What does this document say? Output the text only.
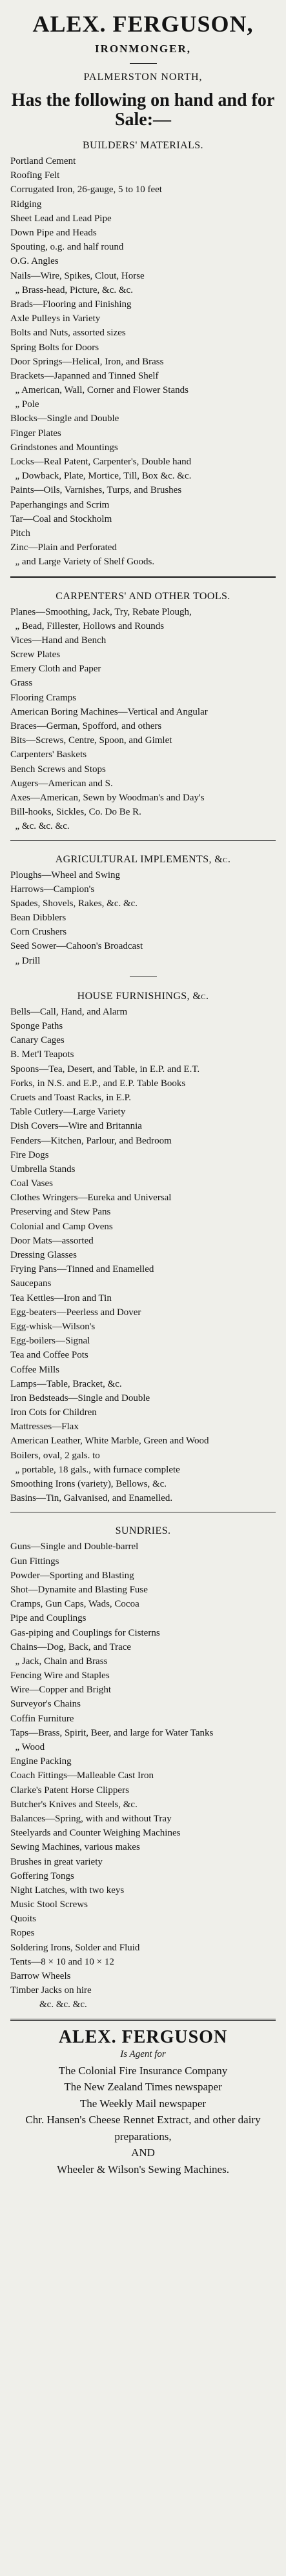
ALEX. FERGUSON,

IRONMONGER,

PALMERSTON NORTH,

Has the following on hand and for Sale:—

BUILDERS' MATERIALS.

Portland Cement
Roofing Felt
Corrugated Iron, 26-gauge, 5 to 10 feet
Ridging
Sheet Lead and Lead Pipe
Down Pipe and Heads
Spouting, o.g. and half round
O.G. Angles
Nails—Wire, Spikes, Clout, Horse
„ Brass-head, Picture, &c. &c.
Brads—Flooring and Finishing
Axle Pulleys in Variety
Bolts and Nuts, assorted sizes
Spring Bolts for Doors
Door Springs—Helical, Iron, and Brass
Brackets—Japanned and Tinned Shelf
„ American, Wall, Corner and Flower Stands
„ Pole
Blocks—Single and Double
Finger Plates
Grindstones and Mountings
Locks—Real Patent, Carpenter's, Double hand
„ Dowback, Plate, Mortice, Till, Box &c. &c.
Paints—Oils, Varnishes, Turps, and Brushes
Paperhangings and Scrim
Tar—Coal and Stockholm
Pitch
Zinc—Plain and Perforated
„ and Large Variety of Shelf Goods.

CARPENTERS' AND OTHER TOOLS.

Planes—Smoothing, Jack, Try, Rebate Plough,
„ Bead, Fillester, Hollows and Rounds
Vices—Hand and Bench
Screw Plates
Emery Cloth and Paper
Grass
Flooring Cramps
American Boring Machines—Vertical and Angular
Braces—German, Spofford, and others
Bits—Screws, Centre, Spoon, and Gimlet
Carpenters' Baskets
Bench Screws and Stops
Augers—American and S.
Axes—American, Sewn by Woodman's and Day's
Bill-hooks, Sickles, Co. Do Be R.
„ &c. &c. &c.

AGRICULTURAL IMPLEMENTS, &c.

Ploughs—Wheel and Swing
Harrows—Campion's
Spades, Shovels, Rakes, &c. &c.
Bean Dibblers
Corn Crushers
Seed Sower—Cahoon's Broadcast
„ Drill

HOUSE FURNISHINGS, &c.

Bells—Call, Hand, and Alarm
Sponge Paths
Canary Cages
B. Met'l Teapots
Spoons—Tea, Desert, and Table, in E.P. and E.T.
Forks, in N.S. and E.P., and E.P. Table Books
Cruets and Toast Racks, in E.P.
Table Cutlery—Large Variety
Dish Covers—Wire and Britannia
Fenders—Kitchen, Parlour, and Bedroom
Fire Dogs
Umbrella Stands
Coal Vases
Clothes Wringers—Eureka and Universal
Preserving and Stew Pans
Colonial and Camp Ovens
Door Mats—assorted
Dressing Glasses
Frying Pans—Tinned and Enamelled
Saucepans
Tea Kettles—Iron and Tin
Egg-beaters—Peerless and Dover
Egg-whisk—Wilson's
Egg-boilers—Signal
Tea and Coffee Pots
Coffee Mills
Lamps—Table, Bracket, &c.
Iron Bedsteads—Single and Double
Iron Cots for Children
Mattresses—Flax
American Leather, White Marble, Green and Wood
Boilers, oval, 2 gals. to
„ portable, 18 gals., with furnace complete
Smoothing Irons (variety), Bellows, &c.
Basins—Tin, Galvanised, and Enamelled.

SUNDRIES.

Guns—Single and Double-barrel
Gun Fittings
Powder—Sporting and Blasting
Shot—Dynamite and Blasting Fuse
Cramps, Gun Caps, Wads, Cocoa
Pipe and Couplings
Gas-piping and Couplings for Cisterns
Chains—Dog, Back, and Trace
„ Jack, Chain and Brass
Fencing Wire and Staples
Wire—Copper and Bright
Surveyor's Chains
Coffin Furniture
Taps—Brass, Spirit, Beer, and large for Water Tanks
„ Wood
Engine Packing
Coach Fittings—Malleable Cast Iron
Clarke's Patent Horse Clippers
Butcher's Knives and Steels, &c.
Balances—Spring, with and without Tray
Steelyards and Counter Weighing Machines
Sewing Machines, various makes
Brushes in great variety
Goffering Tongs
Night Latches, with two keys
Music Stool Screws
Quoits
Ropes
Soldering Irons, Solder and Fluid
Tents—8 × 10 and 10 × 12
Barrow Wheels
Timber Jacks on hire
&c. &c. &c.

ALEX. FERGUSON

Is Agent for

The Colonial Fire Insurance Company
The New Zealand Times newspaper
The Weekly Mail newspaper
Chr. Hansen's Cheese Rennet Extract, and other dairy preparations,
AND
Wheeler & Wilson's Sewing Machines.
